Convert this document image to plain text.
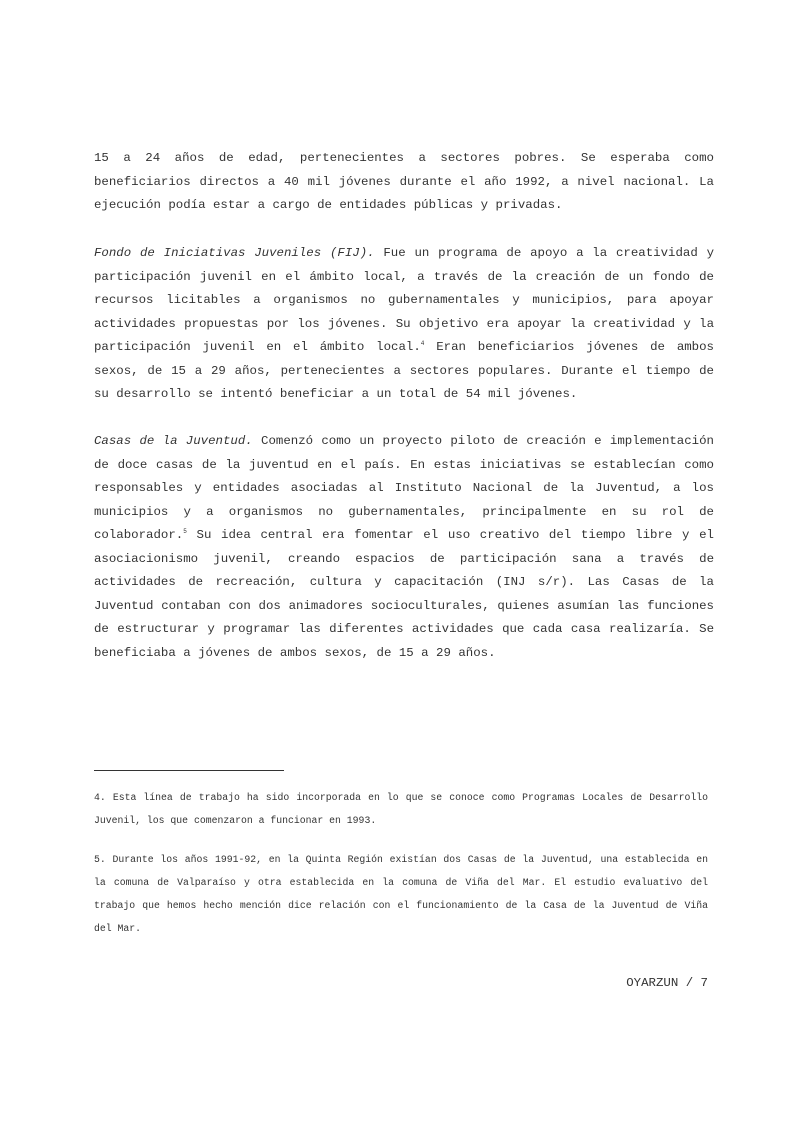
15 a 24 años de edad, pertenecientes a sectores pobres. Se esperaba como beneficiarios directos a 40 mil jóvenes durante el año 1992, a nivel nacional. La ejecución podía estar a cargo de entidades públicas y privadas.

Fondo de Iniciativas Juveniles (FIJ). Fue un programa de apoyo a la creatividad y participación juvenil en el ámbito local, a través de la creación de un fondo de recursos licitables a organismos no gubernamentales y municipios, para apoyar actividades propuestas por los jóvenes. Su objetivo era apoyar la creatividad y la participación juvenil en el ámbito local.$^4$ Eran beneficiarios jóvenes de ambos sexos, de 15 a 29 años, pertenecientes a sectores populares. Durante el tiempo de su desarrollo se intentó beneficiar a un total de 54 mil jóvenes.

Casas de la Juventud. Comenzó como un proyecto piloto de creación e implementación de doce casas de la juventud en el país. En estas iniciativas se establecían como responsables y entidades asociadas al Instituto Nacional de la Juventud, a los municipios y a organismos no gubernamentales, principalmente en su rol de colaborador.$^5$ Su idea central era fomentar el uso creativo del tiempo libre y el asociacionismo juvenil, creando espacios de participación sana a través de actividades de recreación, cultura y capacitación (INJ s/r). Las Casas de la Juventud contaban con dos animadores socioculturales, quienes asumían las funciones de estructurar y programar las diferentes actividades que cada casa realizaría. Se beneficiaba a jóvenes de ambos sexos, de 15 a 29 años.

4. Esta línea de trabajo ha sido incorporada en lo que se conoce como Programas Locales de Desarrollo Juvenil, los que comenzaron a funcionar en 1993.

5. Durante los años 1991-92, en la Quinta Región existían dos Casas de la Juventud, una establecida en la comuna de Valparaíso y otra establecida en la comuna de Viña del Mar. El estudio evaluativo del trabajo que hemos hecho mención dice relación con el funcionamiento de la Casa de la Juventud de Viña del Mar.

OYARZUN / 7
